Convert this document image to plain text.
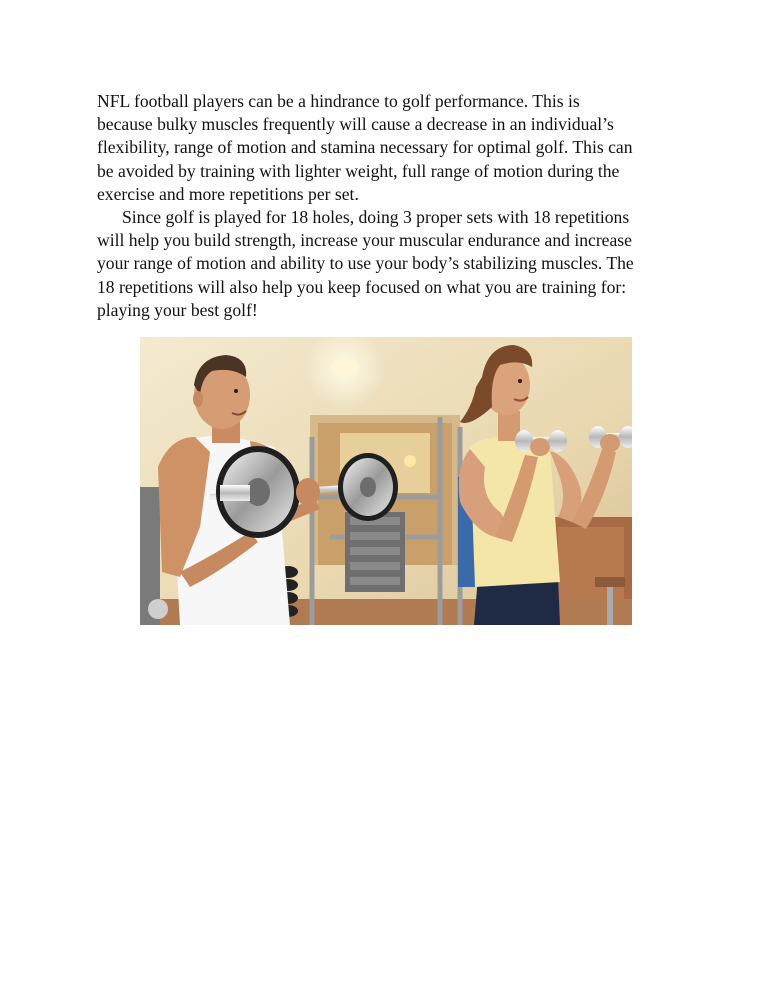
NFL football players can be a hindrance to golf performance. This is
because bulky muscles frequently will cause a decrease in an individual’s
flexibility, range of motion and stamina necessary for optimal golf. This can
be avoided by training with lighter weight, full range of motion during the
exercise and more repetitions per set.

Since golf is played for 18 holes, doing 3 proper sets with 18 repetitions
will help you build strength, increase your muscular endurance and increase
your range of motion and ability to use your body’s stabilizing muscles. The
18 repetitions will also help you keep focused on what you are training for:
playing your best golf!
